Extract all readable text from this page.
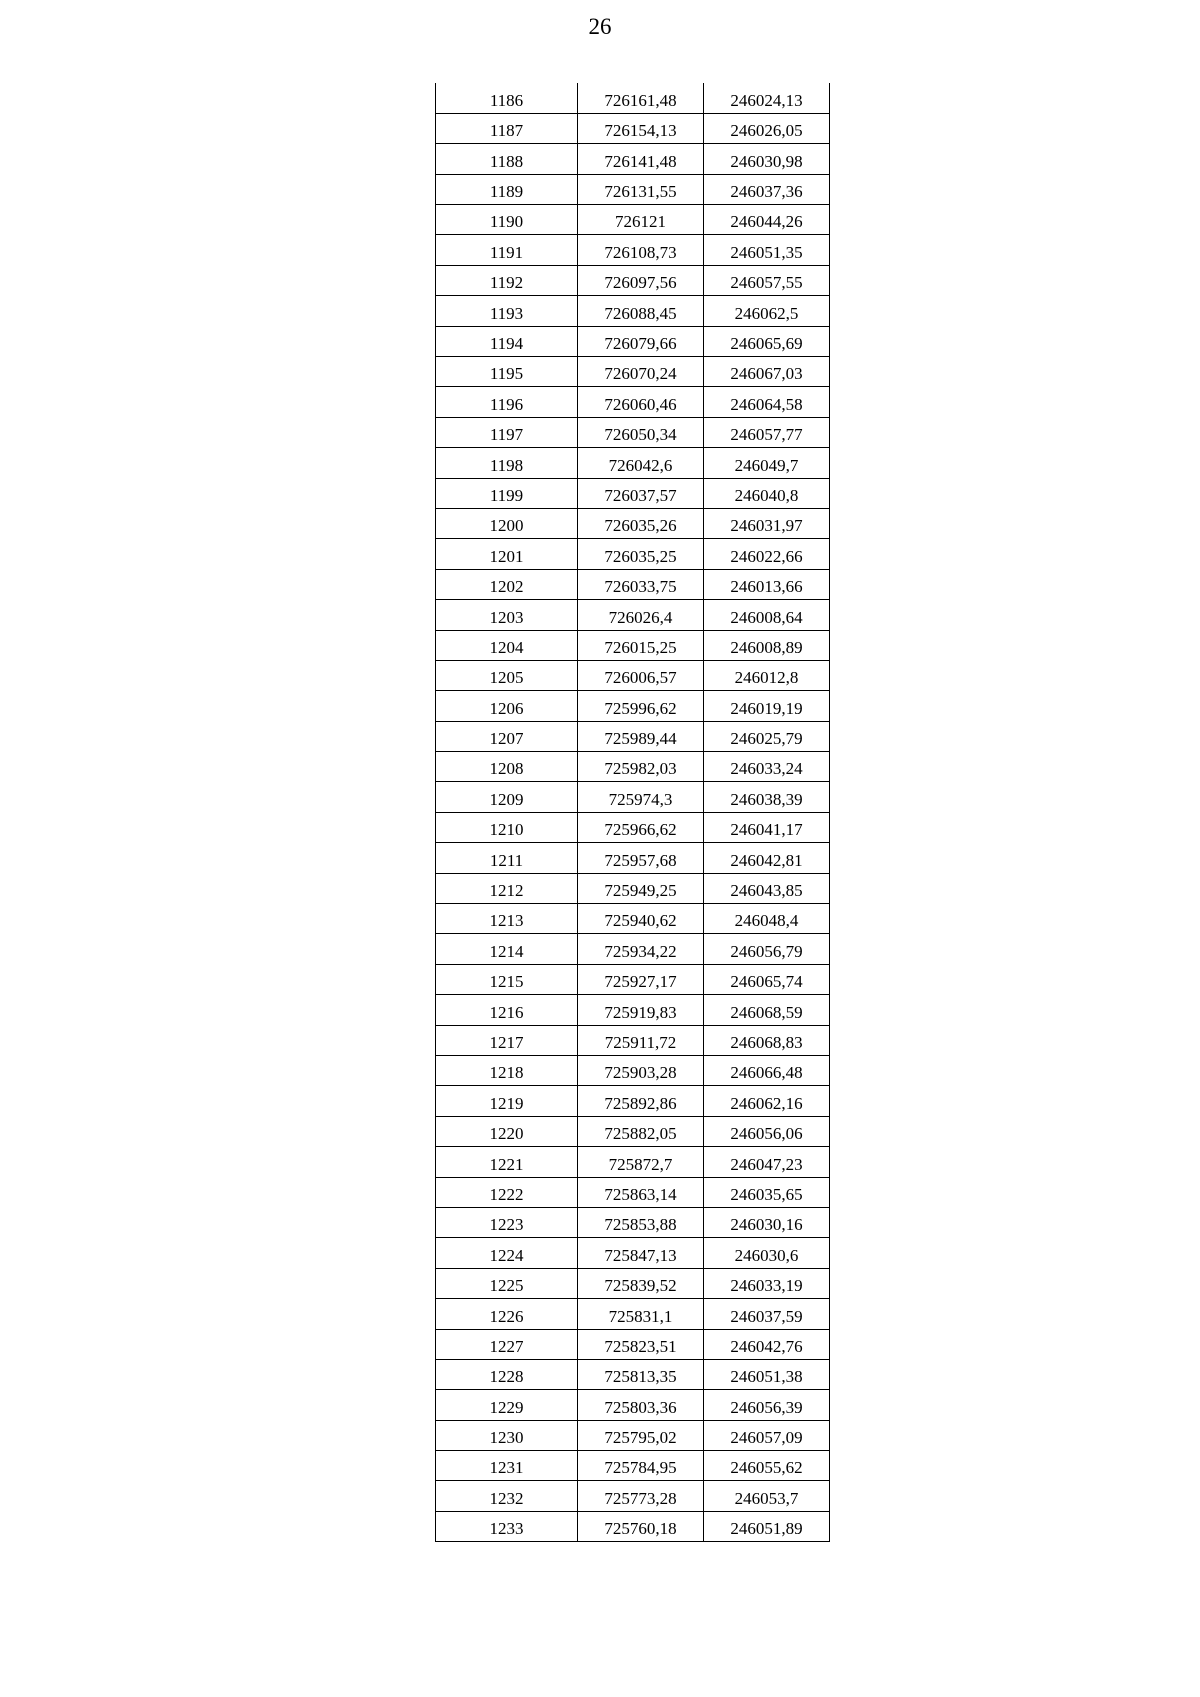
26
1186	726161,48	246024,13
1187	726154,13	246026,05
1188	726141,48	246030,98
1189	726131,55	246037,36
1190	726121	246044,26
1191	726108,73	246051,35
1192	726097,56	246057,55
1193	726088,45	246062,5
1194	726079,66	246065,69
1195	726070,24	246067,03
1196	726060,46	246064,58
1197	726050,34	246057,77
1198	726042,6	246049,7
1199	726037,57	246040,8
1200	726035,26	246031,97
1201	726035,25	246022,66
1202	726033,75	246013,66
1203	726026,4	246008,64
1204	726015,25	246008,89
1205	726006,57	246012,8
1206	725996,62	246019,19
1207	725989,44	246025,79
1208	725982,03	246033,24
1209	725974,3	246038,39
1210	725966,62	246041,17
1211	725957,68	246042,81
1212	725949,25	246043,85
1213	725940,62	246048,4
1214	725934,22	246056,79
1215	725927,17	246065,74
1216	725919,83	246068,59
1217	725911,72	246068,83
1218	725903,28	246066,48
1219	725892,86	246062,16
1220	725882,05	246056,06
1221	725872,7	246047,23
1222	725863,14	246035,65
1223	725853,88	246030,16
1224	725847,13	246030,6
1225	725839,52	246033,19
1226	725831,1	246037,59
1227	725823,51	246042,76
1228	725813,35	246051,38
1229	725803,36	246056,39
1230	725795,02	246057,09
1231	725784,95	246055,62
1232	725773,28	246053,7
1233	725760,18	246051,89
